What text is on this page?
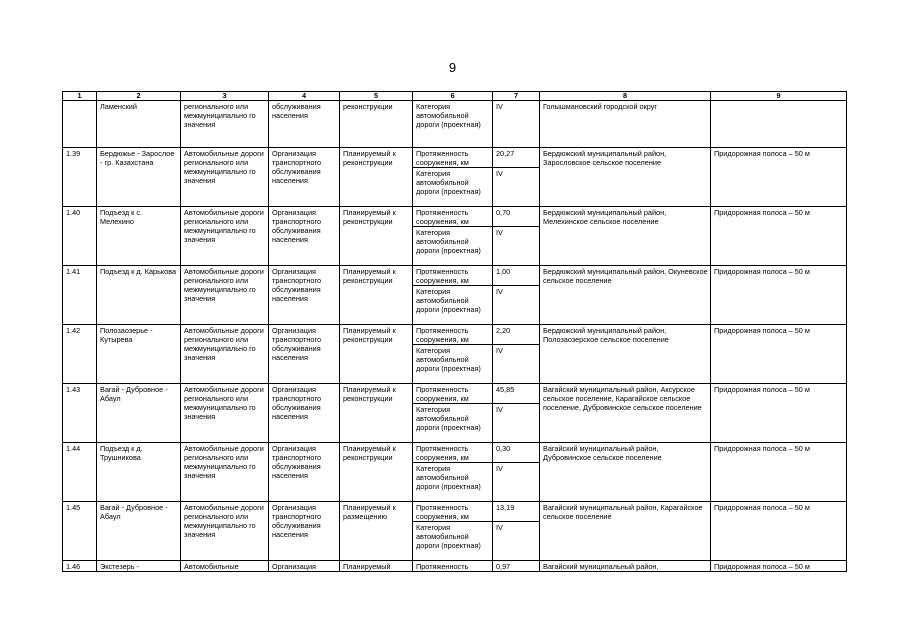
9
1	2	3	4	5	6	7	8	9
	Ламенский	регионального или межмуниципально го значения	обслуживания населения	реконструкции	Категория автомобильной дороги (проектная)	IV	Голышмановский городской округ	
1.39	Бердюжье - Зарослое - гр. Казахстана	Автомобильные дороги регионального или межмуниципально го значения	Организация транспортного обслуживания населения	Планируемый к реконструкции	Протяженность сооружения, км	20,27	Бердюжский муниципальный район, Зарословское сельское поселение	Придорожная полоса – 50 м
					Категория автомобильной дороги (проектная)	IV		
1.40	Подъезд к с. Мелехино	Автомобильные дороги регионального или межмуниципально го значения	Организация транспортного обслуживания населения	Планируемый к реконструкции	Протяженность сооружения, км	0,70	Бердюжский муниципальный район, Мелехинское сельское поселение	Придорожная полоса – 50 м
					Категория автомобильной дороги (проектная)	IV		
1.41	Подъезд к д. Карькова	Автомобильные дороги регионального или межмуниципально го значения	Организация транспортного обслуживания населения	Планируемый к реконструкции	Протяженность сооружения, км	1,00	Бердюжский муниципальный район, Окуневское сельское поселение	Придорожная полоса – 50 м
					Категория автомобильной дороги (проектная)	IV		
1.42	Полозаозерье - Кутырева	Автомобильные дороги регионального или межмуниципально го значения	Организация транспортного обслуживания населения	Планируемый к реконструкции	Протяженность сооружения, км	2,20	Бердюжский муниципальный район, Полозаозерское сельское поселение	Придорожная полоса – 50 м
					Категория автомобильной дороги (проектная)	IV		
1.43	Вагай - Дубровное - Абаул	Автомобильные дороги регионального или межмуниципально го значения	Организация транспортного обслуживания населения	Планируемый к реконструкции	Протяженность сооружения, км	45,85	Вагайский муниципальный район, Аксурское сельское поселение, Карагайское сельское поселение, Дубровинское сельское поселение	Придорожная полоса – 50 м
					Категория автомобильной дороги (проектная)	IV		
1.44	Подъезд к д. Трушникова	Автомобильные дороги регионального или межмуниципально го значения	Организация транспортного обслуживания населения	Планируемый к реконструкции	Протяженность сооружения, км	0,30	Вагайский муниципальный район, Дубровинское сельское поселение	Придорожная полоса – 50 м
					Категория автомобильной дороги (проектная)	IV		
1.45	Вагай - Дубровное - Абаул	Автомобильные дороги регионального или межмуниципально го значения	Организация транспортного обслуживания населения	Планируемый к размещению	Протяженность сооружения, км	13,19	Вагайский муниципальный район, Карагайское сельское поселение	Придорожная полоса – 50 м
					Категория автомобильной дороги (проектная)	IV		
1.46	Экстезерь -	Автомобильные	Организация	Планируемый	Протяженность	0,97	Вагайский муниципальный район,	Придорожная полоса – 50 м
